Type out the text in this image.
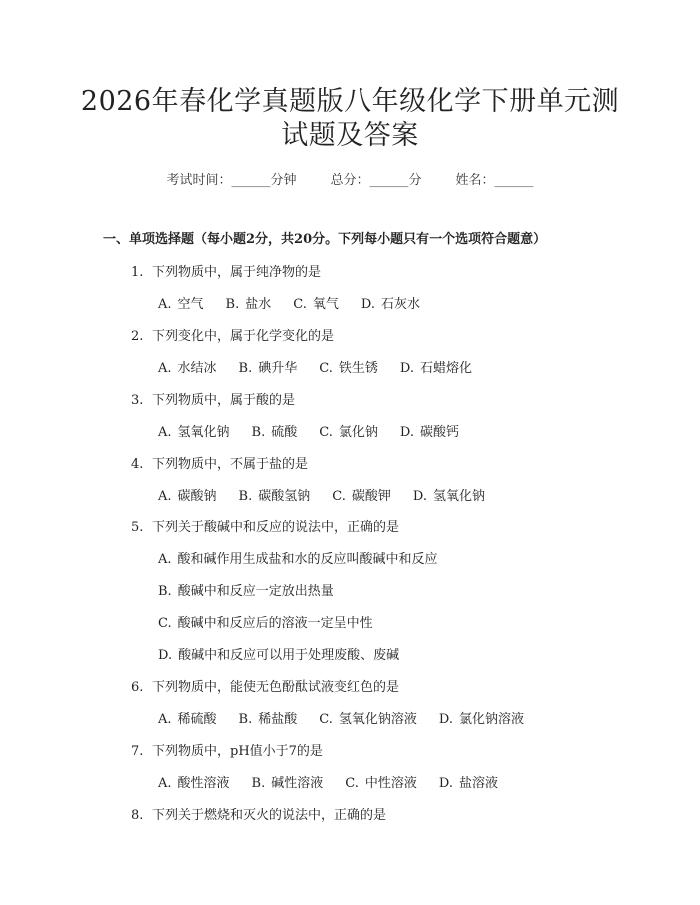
2026年春化学真题版八年级化学下册单元测
试题及答案
考试时间：______分钟	总分：______分	姓名：______
一、单项选择题（每小题2分，共20分。下列每小题只有一个选项符合题意）
1. 下列物质中，属于纯净物的是
A. 空气 B. 盐水 C. 氧气 D. 石灰水
2. 下列变化中，属于化学变化的是
A. 水结冰 B. 碘升华 C. 铁生锈 D. 石蜡熔化
3. 下列物质中，属于酸的是
A. 氢氧化钠 B. 硫酸 C. 氯化钠 D. 碳酸钙
4. 下列物质中，不属于盐的是
A. 碳酸钠 B. 碳酸氢钠 C. 碳酸钾 D. 氢氧化钠
5. 下列关于酸碱中和反应的说法中，正确的是
A. 酸和碱作用生成盐和水的反应叫酸碱中和反应
B. 酸碱中和反应一定放出热量
C. 酸碱中和反应后的溶液一定呈中性
D. 酸碱中和反应可以用于处理废酸、废碱
6. 下列物质中，能使无色酚酞试液变红色的是
A. 稀硫酸 B. 稀盐酸 C. 氢氧化钠溶液 D. 氯化钠溶液
7. 下列物质中，pH值小于7的是
A. 酸性溶液 B. 碱性溶液 C. 中性溶液 D. 盐溶液
8. 下列关于燃烧和灭火的说法中，正确的是
